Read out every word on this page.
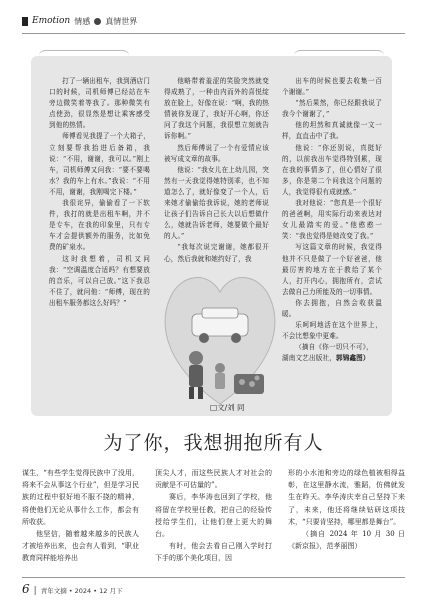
Emotion 情感 真情世界

打了一辆出租车，我到酒店门口的时候，司机师傅已经站在车旁边微笑着等我了。那种微笑有点使劲，很显然是想让乘客感受到他的热情。

师傅看见我提了一个大箱子，立刻要帮我抬进后备箱，我说：“不用，谢谢，我可以。”刚上车，司机师傅又问我：“要不要喝水？我的车上有水。”我说：“不用不用，谢谢，我刚喝完下楼。”

我很诧异，偷偷看了一下软件，我打的就是出租车啊，并不是专车，在我的印象里，只有专车才会提供额外的服务，比如免费的矿泉水。

这时我想着，司机又问我：“空调温度合适吗？有想要放的音乐，可以自己放。”这下我忍不住了，就问他：“师傅，现在的出租车服务都这么好吗？”

他略带着羞涩的笑脸突然就变得成熟了，一种由内而外的喜悦绽放在脸上，好像在说：“啊，我的热情被你发现了，我好开心啊，你还问了我这个问题，我很想立刻就告诉你啊。”

然后师傅说了一个有爱情应该被写成文章的故事。

他说：“我女儿在上幼儿园，突然有一天我觉得她特别乖，也不知道怎么了，就好像变了一个人，后来她才偷偷给我诉说，她的老师说让孩子们告诉自己长大以后想做什么，她就告诉老师，她要做个最好的人。”

“我每次说完谢谢，她都很开心，然后我就和她约好了，我

出车的时候也要去收集一百个谢谢。”

“然后果然，你已经跟我说了我今个谢谢了，”

他的坦然和真诚就像一文一样，直直击中了我。

他说：“你还别说，真挺好的，以前我出车觉得特别累，现在我的事情多了，但心情好了很多，你是第二个问我这个问题的人，我觉得很有成就感。”

我对他说：“您真是一个很好的爸爸啊，用实际行动来表达对女儿最踏实的爱。”他憨憨一笑：“我也觉得是她改变了我。”

写这篇文章的时候，我觉得他并不只是做了一个好爸爸，他最厉害的地方在于教给了某个人，打开内心，拥抱所有，尝试去做自己力所能及的一切事情。

你去拥抱，自然会收获温暖。

乐呵呵地活在这个世界上，不会比想象中更难。

（摘自《你一切只不可》，

湖南文艺出版社，郭锦鑫图）

□文/刘 同
为了你，我想拥抱所有人

谋生，“有些学生觉得民族中了没用，将来不会从事这个行业”，但是学习民族的过程中很好地不服不挠的精神，将使他们无论从事什么工作，都会有所收获。

他坚信，随着越来越多的民族人才被培养出来，也会有人看到，“职业教育同样能培养出

顶尖人才，而这些民族人才对社会的贡献是不可估量的”。

赛后，李华涛也回到了学校，他将留在学校里任教，把自己的经验传授给学生们，让他们登上更大的舞台。

有时，他会去看自己刚入学时打下手的那个美化项目，因

形的小水池和旁边的绿色植被相得益彰，在这里静水流，雅蹈，仿佛就发生在昨天。李华涛庆幸自己坚持下来了，未来，他还将继续钻研这项技术，“只要肯坚持，哪里都是舞台”。

（摘自 2024 年 10 月 30 日《新京报》，范孝丽图）

6 | 青年文摘 • 2024 • 12 月下
